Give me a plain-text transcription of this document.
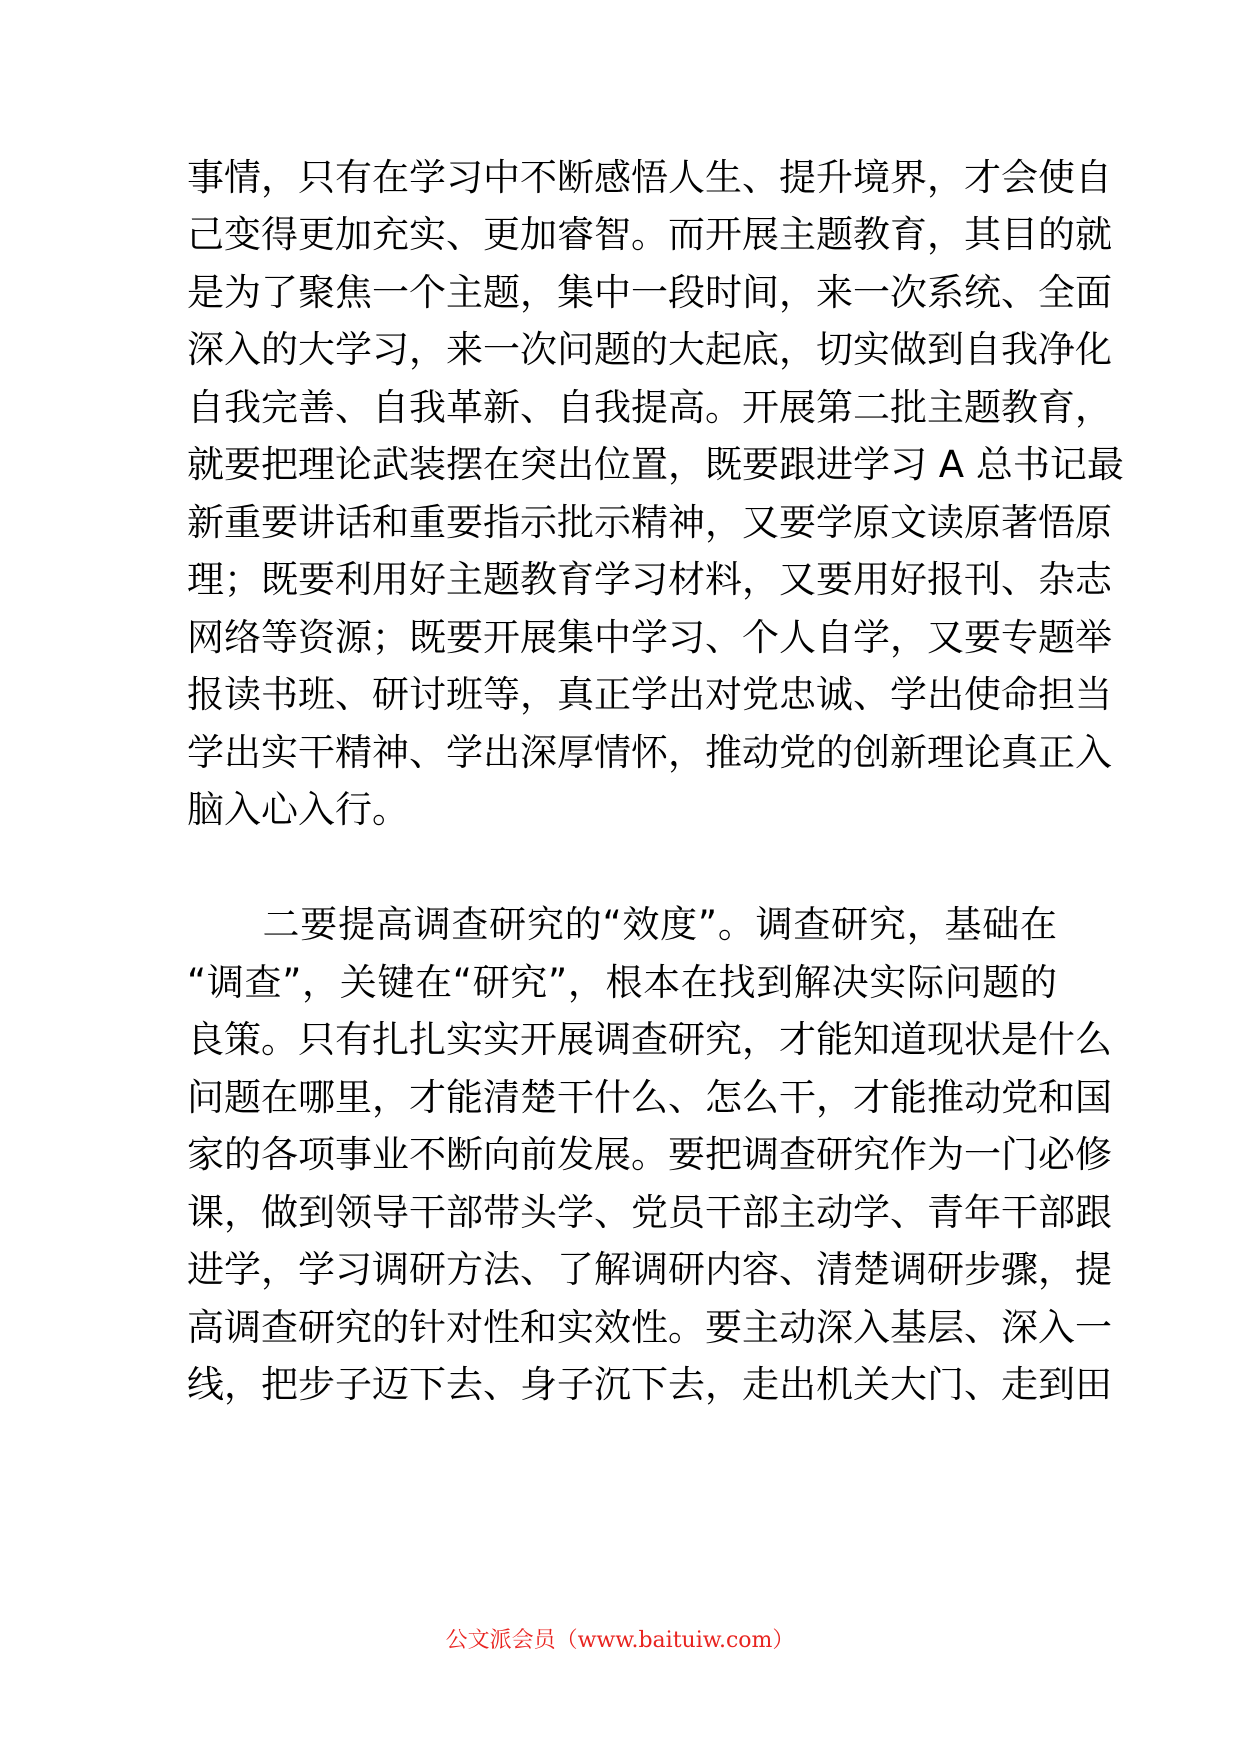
事情，只有在学习中不断感悟人生、提升境界，才会使自
己变得更加充实、更加睿智。而开展主题教育，其目的就
是为了聚焦一个主题，集中一段时间，来一次系统、全面
深入的大学习，来一次问题的大起底，切实做到自我净化
自我完善、自我革新、自我提高。开展第二批主题教育，
就要把理论武装摆在突出位置，既要跟进学习 A 总书记最
新重要讲话和重要指示批示精神，又要学原文读原著悟原
理；既要利用好主题教育学习材料，又要用好报刊、杂志
网络等资源；既要开展集中学习、个人自学，又要专题举
报读书班、研讨班等，真正学出对党忠诚、学出使命担当
学出实干精神、学出深厚情怀，推动党的创新理论真正入
脑入心入行。
　　二要提高调查研究的“效度”。调查研究，基础在
“调查”，关键在“研究”，根本在找到解决实际问题的
良策。只有扎扎实实开展调查研究，才能知道现状是什么
问题在哪里，才能清楚干什么、怎么干，才能推动党和国
家的各项事业不断向前发展。要把调查研究作为一门必修
课，做到领导干部带头学、党员干部主动学、青年干部跟
进学，学习调研方法、了解调研内容、清楚调研步骤，提
高调查研究的针对性和实效性。要主动深入基层、深入一
线，把步子迈下去、身子沉下去，走出机关大门、走到田
公文派会员（www.baituiw.com）
